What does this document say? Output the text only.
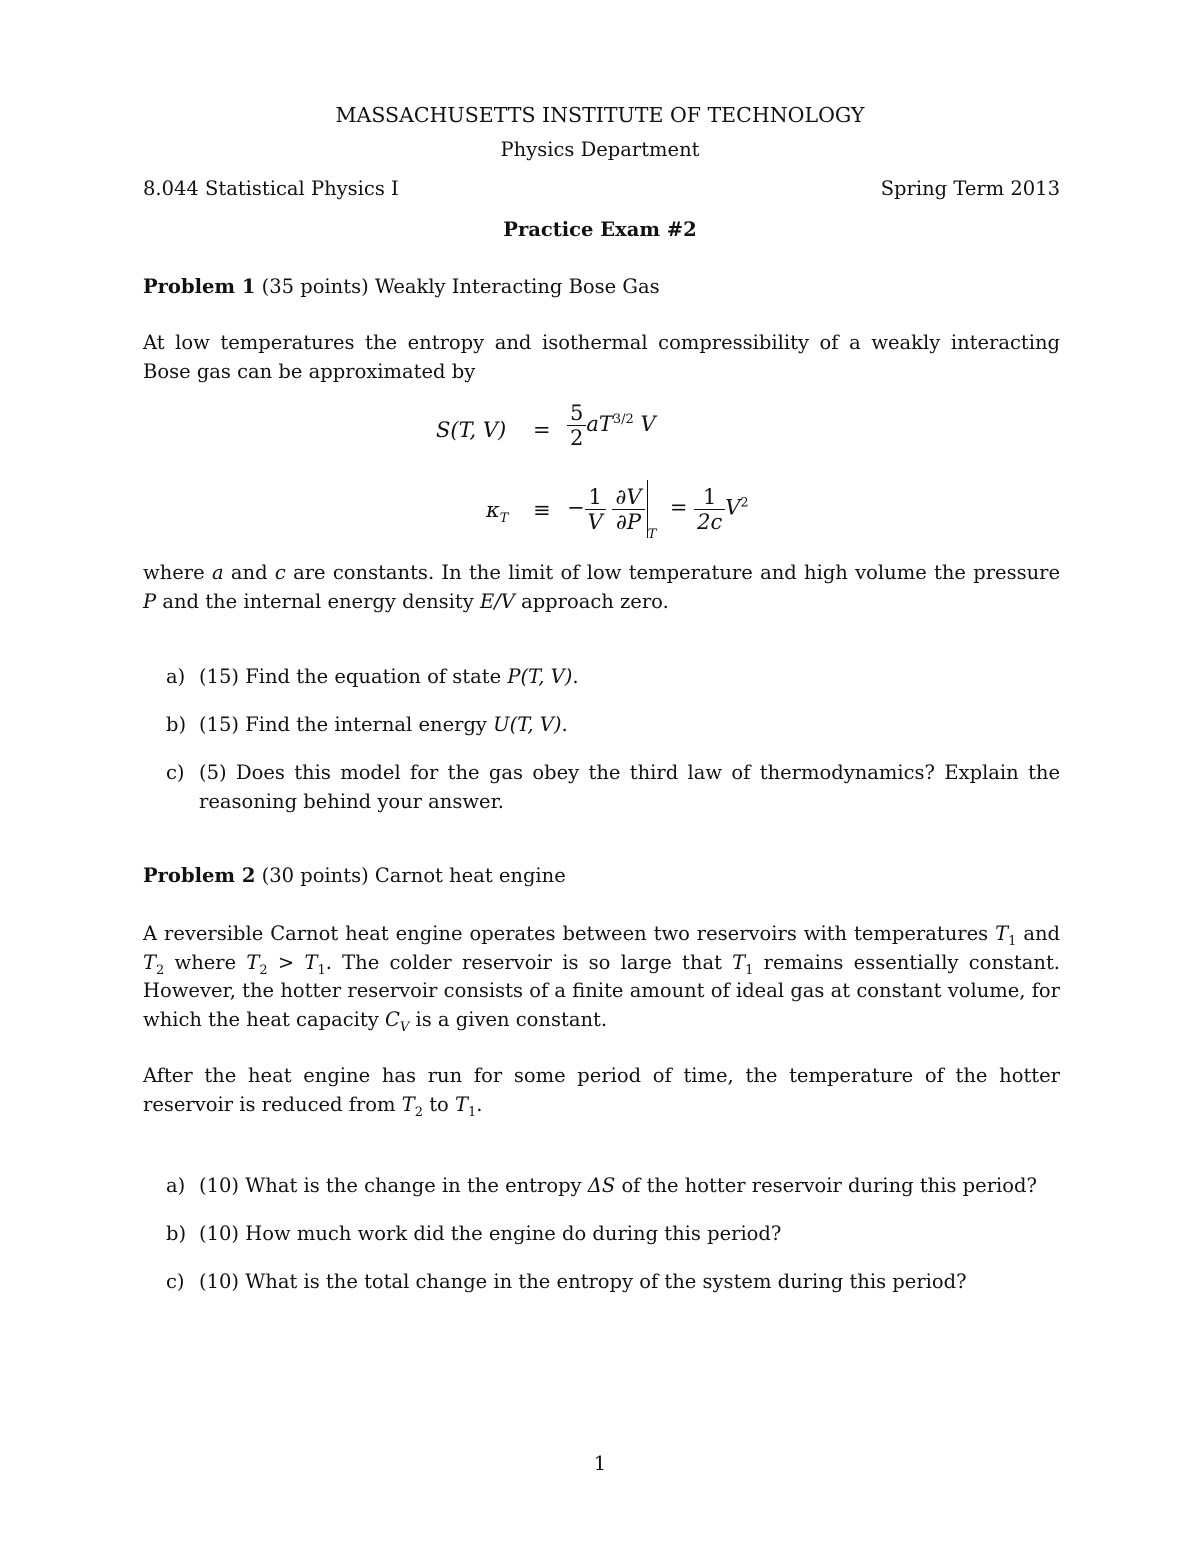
MASSACHUSETTS INSTITUTE OF TECHNOLOGY
Physics Department
8.044 Statistical Physics I	Spring Term 2013
Practice Exam #2
Problem 1 (35 points) Weakly Interacting Bose Gas
At low temperatures the entropy and isothermal compressibility of a weakly interacting Bose gas can be approximated by
S(T, $V) = \frac{5}{2} aT^{3/2}$ V
$\kappa_T$ ≡ − $\frac{1}{V}$
$\frac{\partial V}{\partial P}$
$_T = \frac{1}{2c} V^2$
where a and c are constants. In the limit of low temperature and high volume the pressure P and the internal energy density E/V approach zero.
a) (15) Find the equation of state P(T, V).
b) (15) Find the internal energy U(T, V).
c) (5) Does this model for the gas obey the third law of thermodynamics? Explain the reasoning behind your answer.
Problem 2 (30 points) Carnot heat engine
A reversible Carnot heat engine operates between two reservoirs with temperatures $T_1$ and $T_2$ where $T_2 > T_1$. The colder reservoir is so large that $T_1$ remains essentially constant. However, the hotter reservoir consists of a finite amount of ideal gas at constant volume, for which the heat capacity $C_V$ is a given constant.
After the heat engine has run for some period of time, the temperature of the hotter reservoir is reduced from $T_2$ to $T_1$.
a) (10) What is the change in the entropy ΔS of the hotter reservoir during this period?
b) (10) How much work did the engine do during this period?
c) (10) What is the total change in the entropy of the system during this period?
1
